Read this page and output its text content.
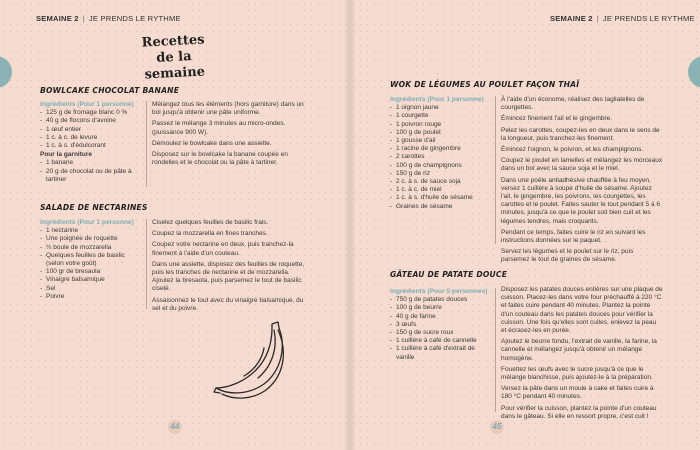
SEMAINE 2 | JE PRENDS LE RYTHME
Recettes
de la semaine
BOWLCAKE CHOCOLAT BANANE
Ingrédients (Pour 1 personne)
- 125 g de fromage blanc 0 %
- 40 g de flocons d'avoine
- 1 œuf entier
- 1 c. à c. de levure
- 1 c. à s. d'édulcorant
Pour la garniture
- 1 banane
- 20 g de chocolat ou de pâte à tartiner

Mélangez tous les éléments (hors garniture) dans un bol jusqu'à obtenir une pâte uniforme.

Passez le mélange 3 minutes au micro-ondes. (puissance 900 W).

Démoulez le bowlcake dans une assiette.

Disposez sur le bowlcake la banane coupée en rondelles et le chocolat ou la pâte à tartiner.

SALADE DE NECTARINES
Ingrédients (Pour 1 personne)
- 1 nectarine
- Une poignée de roquette
- ½ boule de mozzarella
- Quelques feuilles de basilic (selon votre goût)
- 100 gr de bresaola
- Vinaigre balsamique
- Sel
- Poivre

Ciselez quelques feuilles de basilic frais.

Coupez la mozzarella en fines tranches.

Coupez votre nectarine en deux, puis tranchez-la finement à l'aide d'un couteau.

Dans une assiette, disposez des feuilles de roquette, puis les tranches de nectarine et de mozzarella. Ajoutez la bresaola, puis parsemez le tout de basilic ciselé.

Assaisonnez le tout avec du vinaigre balsamique, du sel et du poivre.

44
SEMAINE 2 | JE PRENDS LE RYTHME
WOK DE LÉGUMES AU POULET FAÇON THAÏ
Ingrédients (Pour 1 personne)
- 1 oignon jaune
- 1 courgette
- 1 poivron rouge
- 100 g de poulet
- 1 gousse d'ail
- 1 racine de gingembre
- 2 carottes
- 100 g de champignons
- 150 g de riz
- 2 c. à s. de sauce soja
- 1 c. à c. de miel
- 1 c. à s. d'huile de sésame
- Graines de sésame

À l'aide d'un économe, réalisez des tagliatelles de courgettes.

Émincez finement l'ail et le gingembre.

Pelez les carottes, coupez-les en deux dans le sens de la longueur, puis tranchez-les finement.

Émincez l'oignon, le poivron, et les champignons.

Coupez le poulet en lamelles et mélangez les morceaux dans un bol avec la sauce soja et le miel.

Dans une poêle antiadhésive chauffée à feu moyen, versez 1 cuillère à soupe d'huile de sésame. Ajoutez l'ail, le gingembre, les poivrons, les courgettes, les carottes et le poulet. Faites sauter le tout pendant 5 à 6 minutes, jusqu'à ce que le poulet soit bien cuit et les légumes tendres, mais croquants.

Pendant ce temps, faites cuire le riz en suivant les instructions données sur le paquet.

Servez les légumes et le poulet sur le riz, puis parsemez le tout de graines de sésame.

GÂTEAU DE PATATE DOUCE
Ingrédients (Pour 5 personnes)
- 750 g de patates douces
- 100 g de beurre
- 40 g de farine
- 3 œufs
- 150 g de sucre roux
- 1 cuillère à café de cannelle
- 1 cuillère à café d'extrait de vanille

Disposez les patates douces entières sur une plaque de cuisson. Placez-les dans votre four préchauffé à 220 °C et faites cuire pendant 40 minutes. Plantez la pointe d'un couteau dans les patates douces pour vérifier la cuisson. Une fois qu'elles sont cuites, enlevez la peau et écrasez-les en purée.

Ajoutez le beurre fondu, l'extrait de vanille, la farine, la cannelle et mélangez jusqu'à obtenir un mélange homogène.

Fouettez les œufs avec le sucre jusqu'à ce que le mélange blanchisse, puis ajoutez-le à la préparation.

Versez la pâte dans un moule à cake et faites cuire à 180 °C pendant 40 minutes.

Pour vérifier la cuisson, plantez la pointe d'un couteau dans le gâteau. Si elle en ressort propre, c'est cuit !

45
